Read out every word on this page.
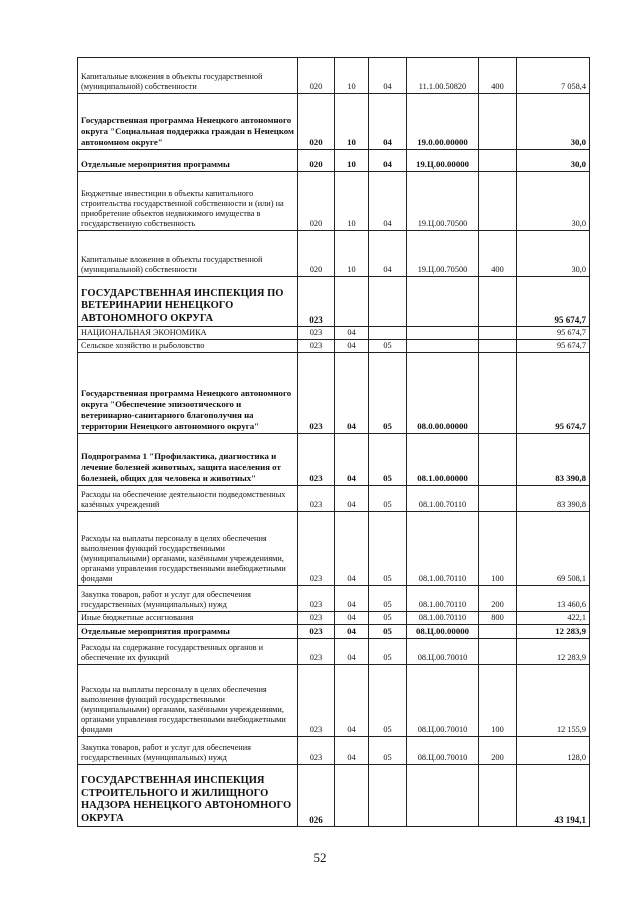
Капитальные вложения в объекты государственной (муниципальной) собственности	020	10	04	11.1.00.50820	400	7 058,4
Государственная программа Ненецкого автономного округа "Социальная поддержка граждан в Ненецком автономном округе"	020	10	04	19.0.00.00000		30,0
Отдельные мероприятия программы	020	10	04	19.Ц.00.00000		30,0
Бюджетные инвестиции в объекты капитального строительства государственной собственности и (или) на приобретение объектов недвижимого имущества в государственную собственность	020	10	04	19.Ц.00.70500		30,0
Капитальные вложения в объекты государственной (муниципальной) собственности	020	10	04	19.Ц.00.70500	400	30,0
ГОСУДАРСТВЕННАЯ ИНСПЕКЦИЯ ПО ВЕТЕРИНАРИИ НЕНЕЦКОГО АВТОНОМНОГО ОКРУГА	023					95 674,7
НАЦИОНАЛЬНАЯ ЭКОНОМИКА	023	04				95 674,7
Сельское хозяйство и рыболовство	023	04	05			95 674,7
Государственная программа Ненецкого автономного округа "Обеспечение эпизоотического и ветеринарно-санитарного благополучия на территории Ненецкого автономного округа"	023	04	05	08.0.00.00000		95 674,7
Подпрограмма 1 "Профилактика, диагностика и лечение болезней животных, защита населения от болезней, общих для человека и животных"	023	04	05	08.1.00.00000		83 390,8
Расходы на обеспечение деятельности подведомственных казённых учреждений	023	04	05	08.1.00.70110		83 390,8
Расходы на выплаты персоналу в целях обеспечения выполнения функций государственными (муниципальными) органами, казёнными учреждениями, органами управления государственными внебюджетными фондами	023	04	05	08.1.00.70110	100	69 508,1
Закупка товаров, работ и услуг для обеспечения государственных (муниципальных) нужд	023	04	05	08.1.00.70110	200	13 460,6
Иные бюджетные ассигнования	023	04	05	08.1.00.70110	800	422,1
Отдельные мероприятия программы	023	04	05	08.Ц.00.00000		12 283,9
Расходы на содержание государственных органов и обеспечение их функций	023	04	05	08.Ц.00.70010		12 283,9
Расходы на выплаты персоналу в целях обеспечения выполнения функций государственными (муниципальными) органами, казёнными учреждениями, органами управления государственными внебюджетными фондами	023	04	05	08.Ц.00.70010	100	12 155,9
Закупка товаров, работ и услуг для обеспечения государственных (муниципальных) нужд	023	04	05	08.Ц.00.70010	200	128,0
ГОСУДАРСТВЕННАЯ ИНСПЕКЦИЯ СТРОИТЕЛЬНОГО И ЖИЛИЩНОГО НАДЗОРА НЕНЕЦКОГО АВТОНОМНОГО ОКРУГА	026					43 194,1
52
